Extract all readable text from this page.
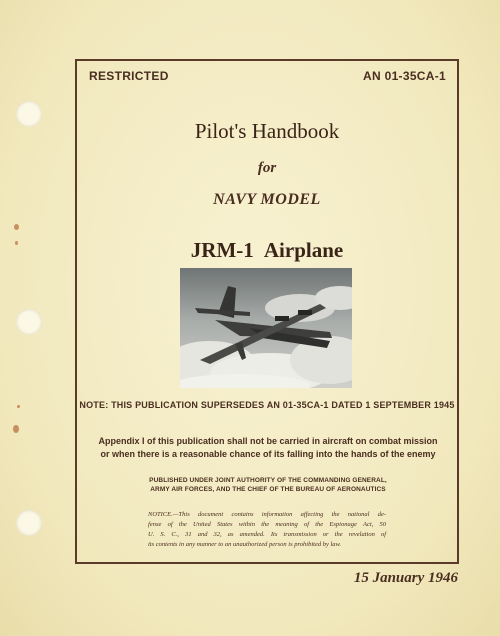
RESTRICTED	AN 01-35CA-1
Pilot's Handbook
for
NAVY MODEL
JRM-1 Airplane
NOTE: THIS PUBLICATION SUPERSEDES AN 01-35CA-1 DATED 1 SEPTEMBER 1945
Appendix I of this publication shall not be carried in aircraft on combat mission
or when there is a reasonable chance of its falling into the hands of the enemy
PUBLISHED UNDER JOINT AUTHORITY OF THE COMMANDING GENERAL,
ARMY AIR FORCES, AND THE CHIEF OF THE BUREAU OF AERONAUTICS
NOTICE.—This document contains information affecting the national de-
fense of the United States within the meaning of the Espionage Act, 50
U. S. C., 31 and 32, as amended. Its transmission or the revelation of
its contents in any manner to an unauthorized person is prohibited by law.
15 January 1946
